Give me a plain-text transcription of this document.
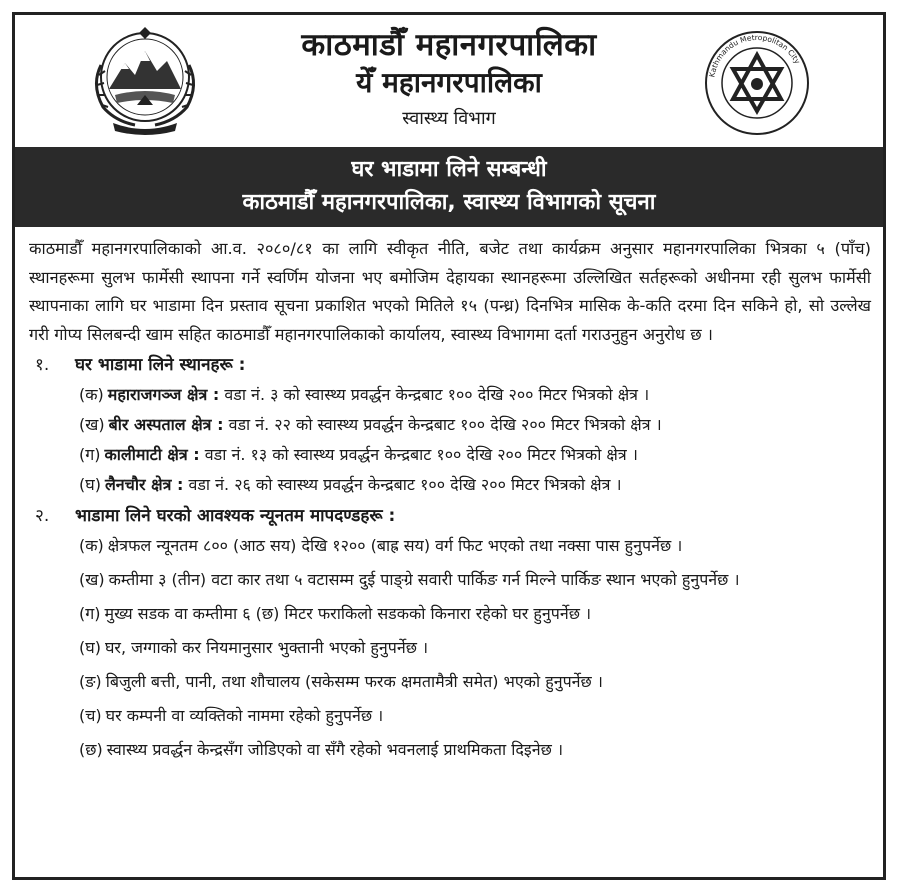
काठमाडौँ महानगरपालिका
येँ महानगरपालिका
स्वास्थ्य विभाग
Kathmandu Metropolitan City
घर भाडामा लिने सम्बन्धी
काठमाडौँ महानगरपालिका, स्वास्थ्य विभागको सूचना

काठमाडौँ महानगरपालिकाको आ.व. २०८०/८१ का लागि स्वीकृत नीति, बजेट तथा कार्यक्रम अनुसार महानगरपालिका भित्रका ५ (पाँच) स्थानहरूमा सुलभ फार्मेसी स्थापना गर्ने स्वर्णिम योजना भए बमोजिम देहायका स्थानहरूमा उल्लिखित सर्तहरूको अधीनमा रही सुलभ फार्मेसी स्थापनाका लागि घर भाडामा दिन प्रस्ताव सूचना प्रकाशित भएको मितिले १५ (पन्ध्र) दिनभित्र मासिक के-कति दरमा दिन सकिने हो, सो उल्लेख गरी गोप्य सिलबन्दी खाम सहित काठमाडौँ महानगरपालिकाको कार्यालय, स्वास्थ्य विभागमा दर्ता गराउनुहुन अनुरोध छ ।

१. घर भाडामा लिने स्थानहरू :
(क) महाराजगञ्ज क्षेत्र : वडा नं. ३ को स्वास्थ्य प्रवर्द्धन केन्द्रबाट १०० देखि २०० मिटर भित्रको क्षेत्र ।
(ख) बीर अस्पताल क्षेत्र : वडा नं. २२ को स्वास्थ्य प्रवर्द्धन केन्द्रबाट १०० देखि २०० मिटर भित्रको क्षेत्र ।
(ग) कालीमाटी क्षेत्र : वडा नं. १३ को स्वास्थ्य प्रवर्द्धन केन्द्रबाट १०० देखि २०० मिटर भित्रको क्षेत्र ।
(घ) लैनचौर क्षेत्र : वडा नं. २६ को स्वास्थ्य प्रवर्द्धन केन्द्रबाट १०० देखि २०० मिटर भित्रको क्षेत्र ।
२. भाडामा लिने घरको आवश्यक न्यूनतम मापदण्डहरू :
(क) क्षेत्रफल न्यूनतम ८०० (आठ सय) देखि १२०० (बाह्र सय) वर्ग फिट भएको तथा नक्सा पास हुनुपर्नेछ ।
(ख) कम्तीमा ३ (तीन) वटा कार तथा ५ वटासम्म दुई पाङ्ग्रे सवारी पार्किङ गर्न मिल्ने पार्किङ स्थान भएको हुनुपर्नेछ ।
(ग) मुख्य सडक वा कम्तीमा ६ (छ) मिटर फराकिलो सडकको किनारा रहेको घर हुनुपर्नेछ ।
(घ) घर, जग्गाको कर नियमानुसार भुक्तानी भएको हुनुपर्नेछ ।
(ङ) बिजुली बत्ती, पानी, तथा शौचालय (सकेसम्म फरक क्षमतामैत्री समेत) भएको हुनुपर्नेछ ।
(च) घर कम्पनी वा व्यक्तिको नाममा रहेको हुनुपर्नेछ ।
(छ) स्वास्थ्य प्रवर्द्धन केन्द्रसँग जोडिएको वा सँगै रहेको भवनलाई प्राथमिकता दिइनेछ ।
